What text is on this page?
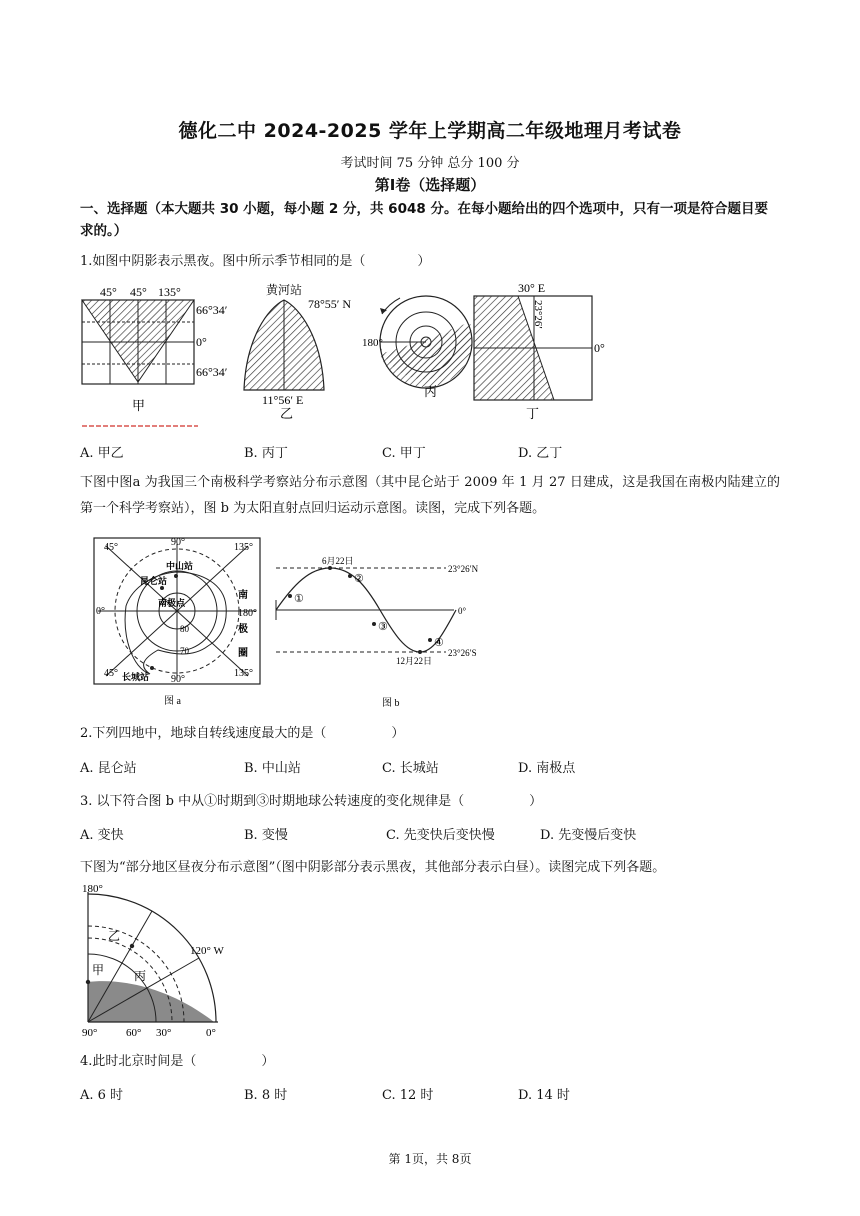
德化二中 2024-2025 学年上学期高二年级地理月考试卷
考试时间 75 分钟 总分 100 分
第Ⅰ卷（选择题）
一、选择题（本大题共 30 小题，每小题 2 分，共 6048 分。在每小题给出的四个选项中，只有一项是符合题目要求的。）
1.如图中阴影表示黑夜。图中所示季节相同的是（　　　　）
45° 45° 135°
66°34′
0°
66°34′
甲
黄河站
78°55′ N
11°56′ E
乙
180°
丙
30° E
23°26′
0°
丁
A. 甲乙	B. 丙丁	C. 甲丁	D. 乙丁
下图中图a 为我国三个南极科学考察站分布示意图（其中昆仑站于 2009 年 1 月 27 日建成，这是我国在南极内陆建立的第一个科学考察站），图 b 为太阳直射点回归运动示意图。读图，完成下列各题。
90°
45°	135°
0°	180°
45°	135°
90°
中山站
昆仑站
南极点
长城站
南
极
圈
80
70
图 a
6月22日
12月22日
23°26′N
0°
23°26′S
①
②
③
④
图 b
2.下列四地中，地球自转线速度最大的是（　　　　　）
A. 昆仑站	B. 中山站	C. 长城站	D. 南极点
3. 以下符合图 b 中从①时期到③时期地球公转速度的变化规律是（　　　　　）
A. 变快	B. 变慢	C. 先变快后变快慢	D. 先变慢后变快
下图为“部分地区昼夜分布示意图”（图中阴影部分表示黑夜，其他部分表示白昼）。读图完成下列各题。
180°
120° W
乙
甲 丙
90°	60° 30°	0°
4.此时北京时间是（　　　　　）
A. 6 时	B. 8 时	C. 12 时	D. 14 时
第 1页，共 8页
